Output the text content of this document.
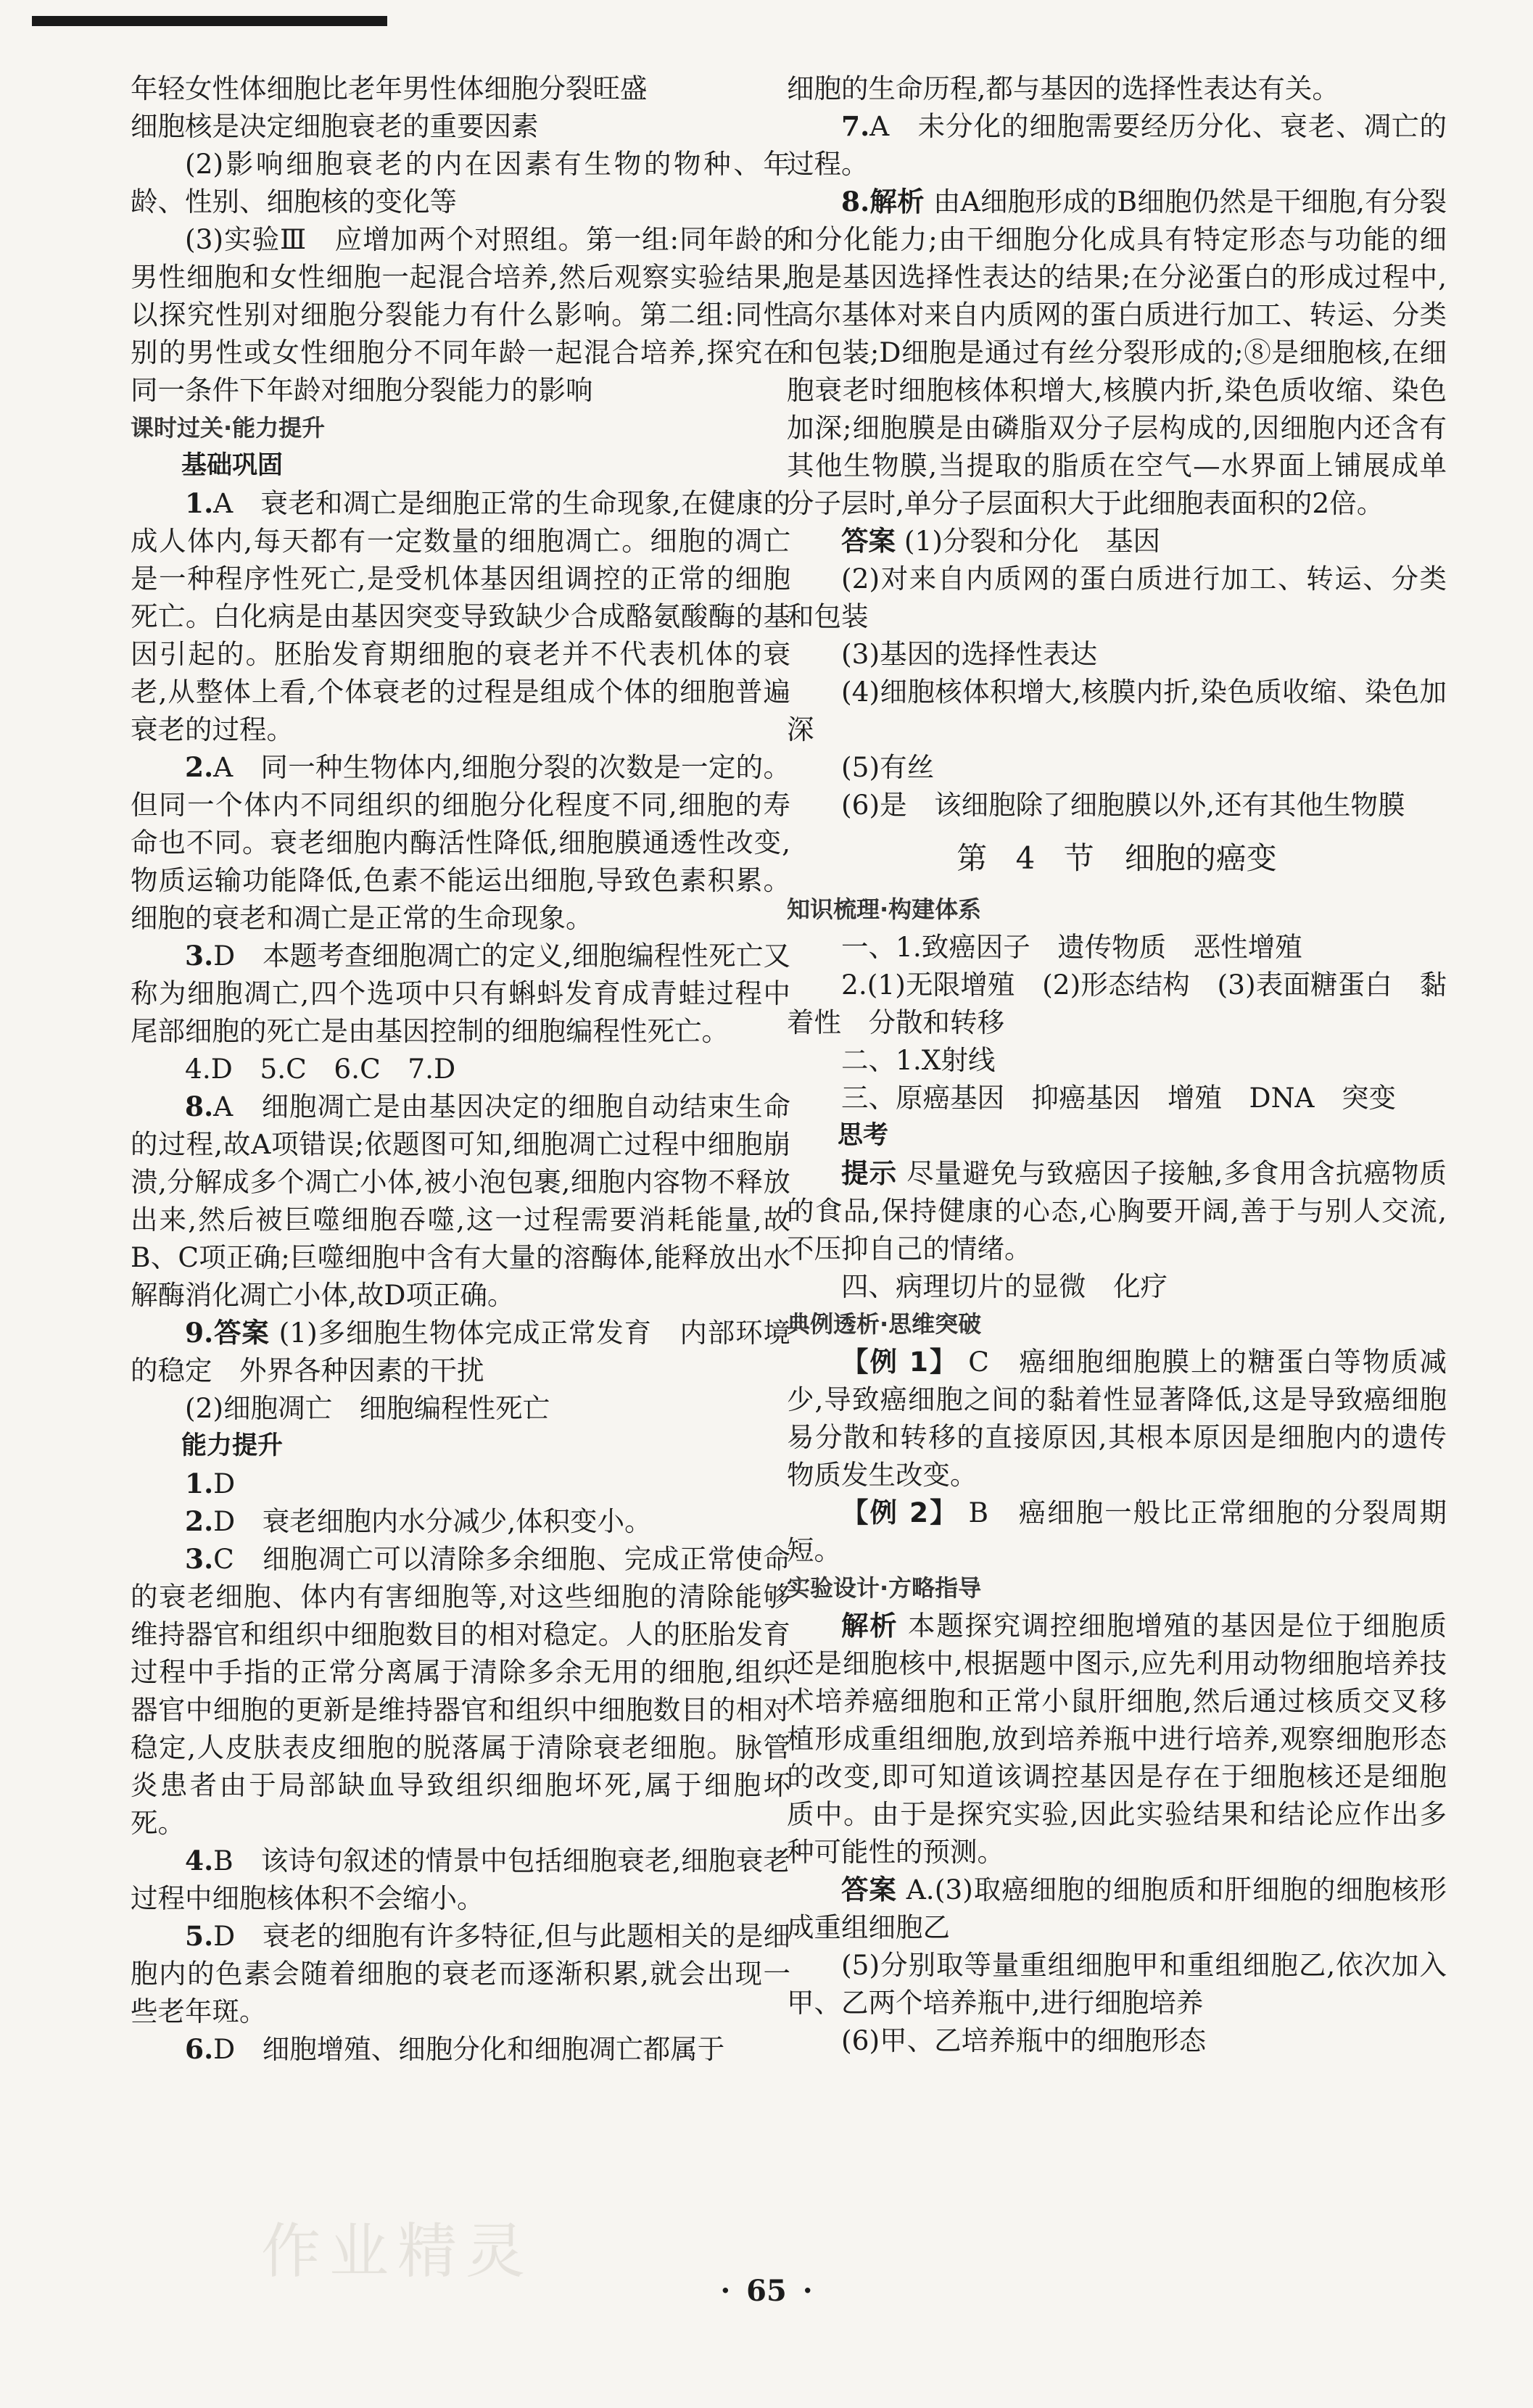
年轻女性体细胞比老年男性体细胞分裂旺盛

细胞核是决定细胞衰老的重要因素

(2)影响细胞衰老的内在因素有生物的物种、年龄、性别、细胞核的变化等

(3)实验Ⅲ　应增加两个对照组。第一组:同年龄的男性细胞和女性细胞一起混合培养,然后观察实验结果,以探究性别对细胞分裂能力有什么影响。第二组:同性别的男性或女性细胞分不同年龄一起混合培养,探究在同一条件下年龄对细胞分裂能力的影响

课时过关·能力提升

基础巩固

1.A　衰老和凋亡是细胞正常的生命现象,在健康的成人体内,每天都有一定数量的细胞凋亡。细胞的凋亡是一种程序性死亡,是受机体基因组调控的正常的细胞死亡。白化病是由基因突变导致缺少合成酪氨酸酶的基因引起的。胚胎发育期细胞的衰老并不代表机体的衰老,从整体上看,个体衰老的过程是组成个体的细胞普遍衰老的过程。

2.A　同一种生物体内,细胞分裂的次数是一定的。但同一个体内不同组织的细胞分化程度不同,细胞的寿命也不同。衰老细胞内酶活性降低,细胞膜通透性改变,物质运输功能降低,色素不能运出细胞,导致色素积累。细胞的衰老和凋亡是正常的生命现象。

3.D　本题考查细胞凋亡的定义,细胞编程性死亡又称为细胞凋亡,四个选项中只有蝌蚪发育成青蛙过程中尾部细胞的死亡是由基因控制的细胞编程性死亡。

4.D　5.C　6.C　7.D

8.A　细胞凋亡是由基因决定的细胞自动结束生命的过程,故A项错误;依题图可知,细胞凋亡过程中细胞崩溃,分解成多个凋亡小体,被小泡包裹,细胞内容物不释放出来,然后被巨噬细胞吞噬,这一过程需要消耗能量,故B、C项正确;巨噬细胞中含有大量的溶酶体,能释放出水解酶消化凋亡小体,故D项正确。

9.答案 (1)多细胞生物体完成正常发育　内部环境的稳定　外界各种因素的干扰

(2)细胞凋亡　细胞编程性死亡

能力提升

1.D

2.D　衰老细胞内水分减少,体积变小。

3.C　细胞凋亡可以清除多余细胞、完成正常使命的衰老细胞、体内有害细胞等,对这些细胞的清除能够维持器官和组织中细胞数目的相对稳定。人的胚胎发育过程中手指的正常分离属于清除多余无用的细胞,组织器官中细胞的更新是维持器官和组织中细胞数目的相对稳定,人皮肤表皮细胞的脱落属于清除衰老细胞。脉管炎患者由于局部缺血导致组织细胞坏死,属于细胞坏死。

4.B　该诗句叙述的情景中包括细胞衰老,细胞衰老过程中细胞核体积不会缩小。

5.D　衰老的细胞有许多特征,但与此题相关的是细胞内的色素会随着细胞的衰老而逐渐积累,就会出现一些老年斑。

6.D　细胞增殖、细胞分化和细胞凋亡都属于

细胞的生命历程,都与基因的选择性表达有关。

7.A　未分化的细胞需要经历分化、衰老、凋亡的过程。

8.解析 由A细胞形成的B细胞仍然是干细胞,有分裂和分化能力;由干细胞分化成具有特定形态与功能的细胞是基因选择性表达的结果;在分泌蛋白的形成过程中,高尔基体对来自内质网的蛋白质进行加工、转运、分类和包装;D细胞是通过有丝分裂形成的;⑧是细胞核,在细胞衰老时细胞核体积增大,核膜内折,染色质收缩、染色加深;细胞膜是由磷脂双分子层构成的,因细胞内还含有其他生物膜,当提取的脂质在空气—水界面上铺展成单分子层时,单分子层面积大于此细胞表面积的2倍。

答案 (1)分裂和分化　基因

(2)对来自内质网的蛋白质进行加工、转运、分类和包装

(3)基因的选择性表达

(4)细胞核体积增大,核膜内折,染色质收缩、染色加深

(5)有丝

(6)是　该细胞除了细胞膜以外,还有其他生物膜

第 4 节　细胞的癌变

知识梳理·构建体系

一、1.致癌因子　遗传物质　恶性增殖

2.(1)无限增殖　(2)形态结构　(3)表面糖蛋白　黏着性　分散和转移

二、1.X射线

三、原癌基因　抑癌基因　增殖　DNA　突变

思考

提示 尽量避免与致癌因子接触,多食用含抗癌物质的食品,保持健康的心态,心胸要开阔,善于与别人交流,不压抑自己的情绪。

四、病理切片的显微　化疗

典例透析·思维突破

【例 1】 C　癌细胞细胞膜上的糖蛋白等物质减少,导致癌细胞之间的黏着性显著降低,这是导致癌细胞易分散和转移的直接原因,其根本原因是细胞内的遗传物质发生改变。

【例 2】 B　癌细胞一般比正常细胞的分裂周期短。

实验设计·方略指导

解析 本题探究调控细胞增殖的基因是位于细胞质还是细胞核中,根据题中图示,应先利用动物细胞培养技术培养癌细胞和正常小鼠肝细胞,然后通过核质交叉移植形成重组细胞,放到培养瓶中进行培养,观察细胞形态的改变,即可知道该调控基因是存在于细胞核还是细胞质中。由于是探究实验,因此实验结果和结论应作出多种可能性的预测。

答案 A.(3)取癌细胞的细胞质和肝细胞的细胞核形成重组细胞乙

(5)分别取等量重组细胞甲和重组细胞乙,依次加入甲、乙两个培养瓶中,进行细胞培养

(6)甲、乙培养瓶中的细胞形态

作业精灵
· 65 ·
